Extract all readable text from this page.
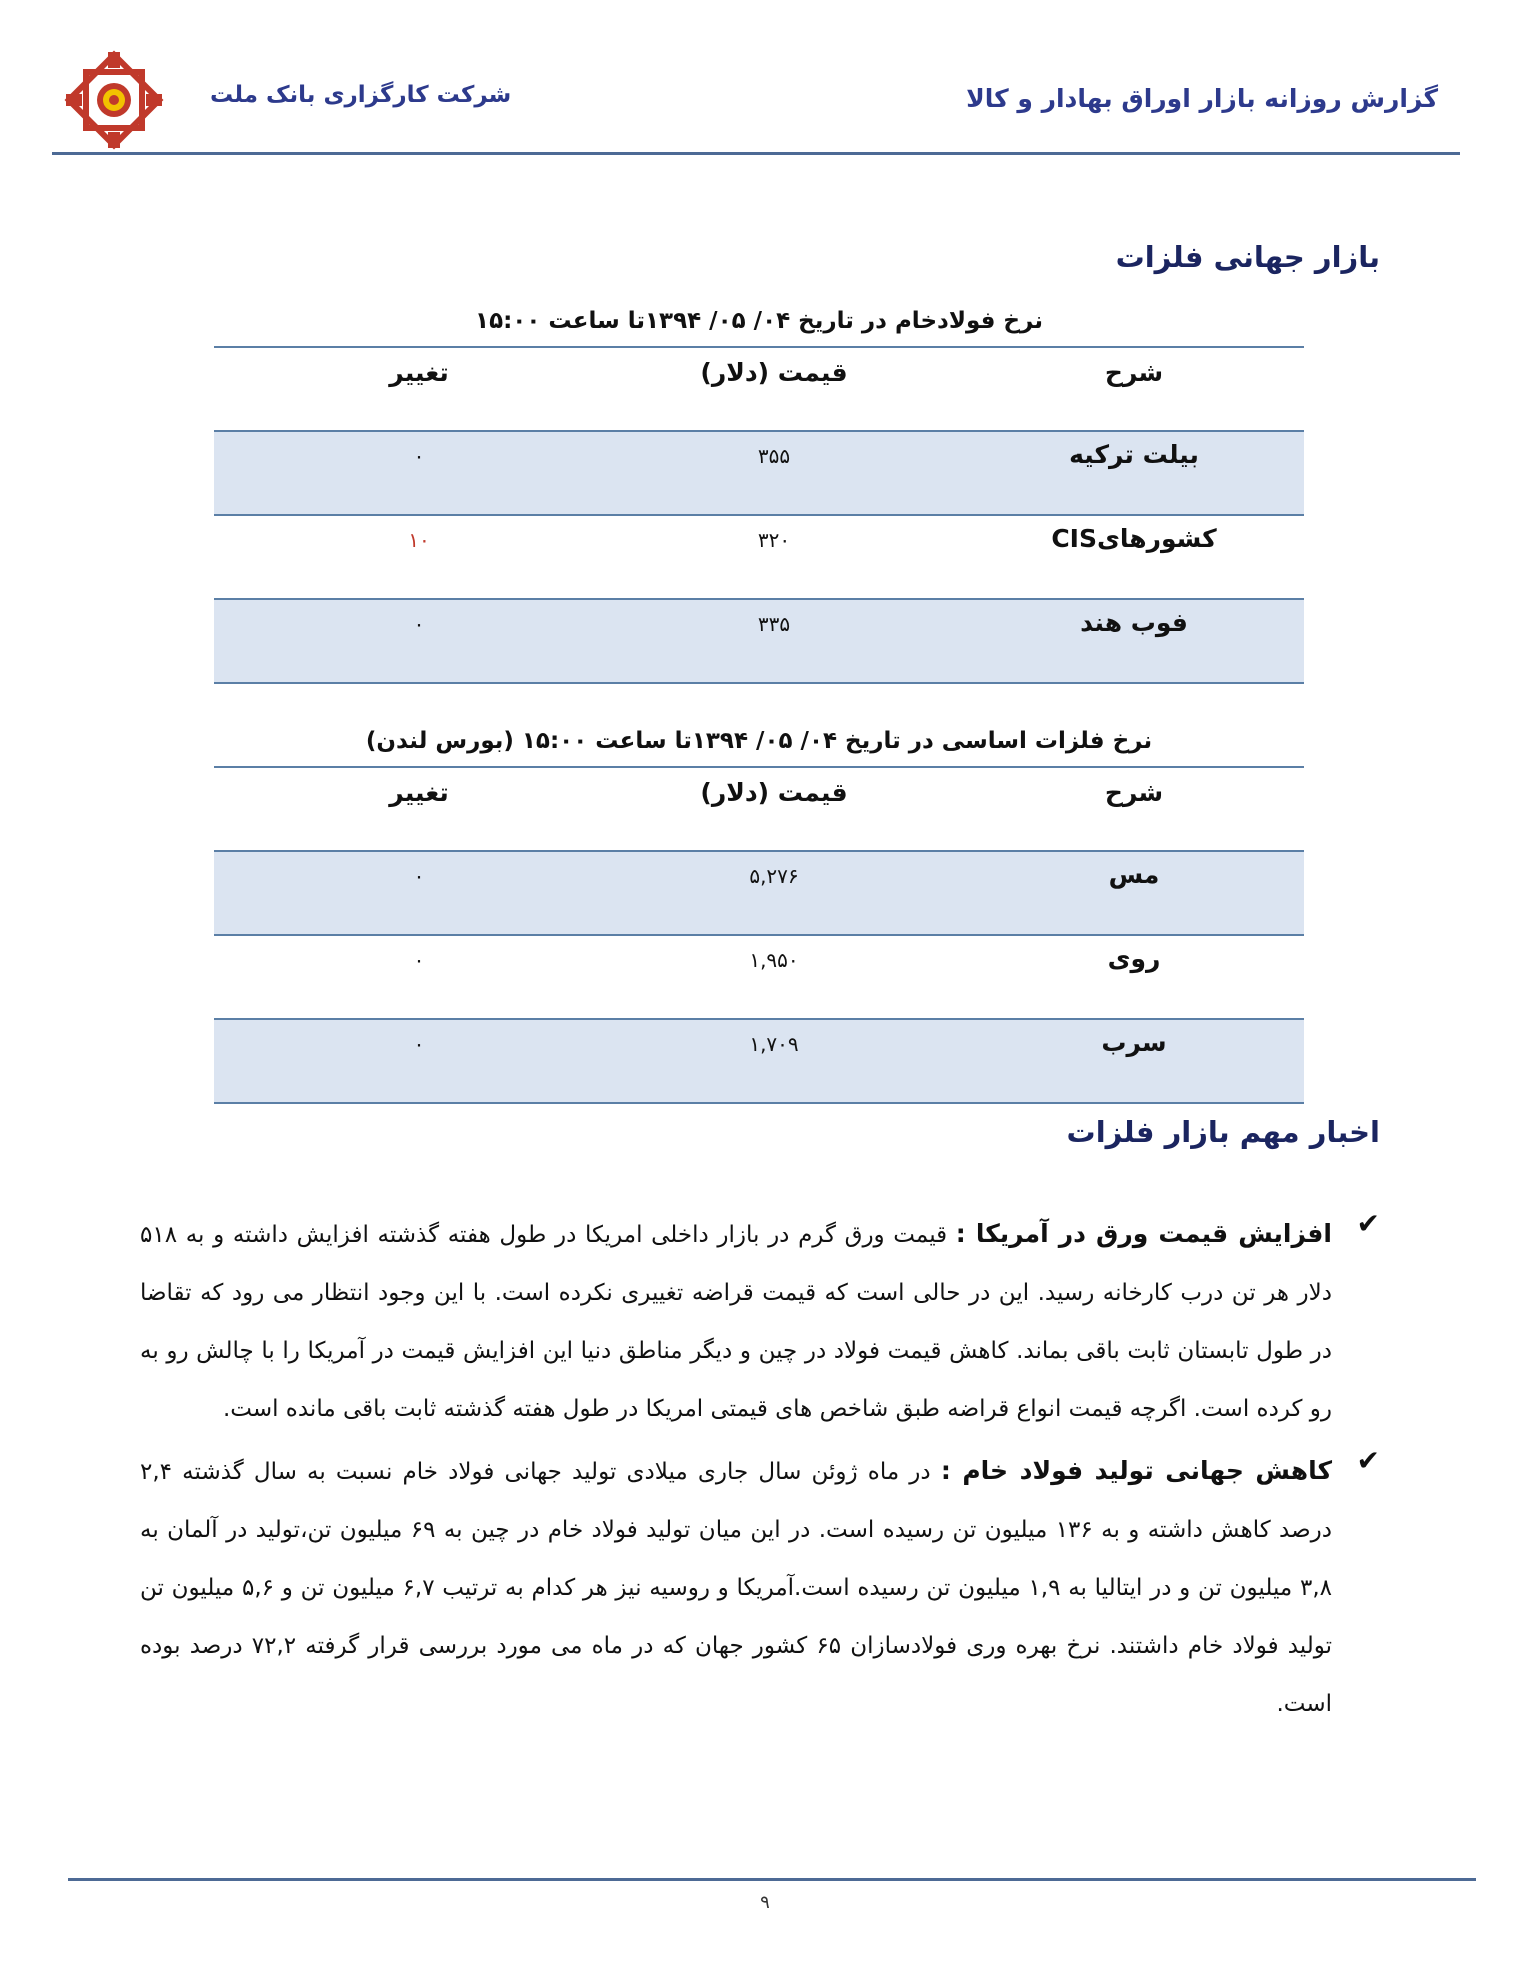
شرکت کارگزاری بانک ملت	گزارش روزانه بازار اوراق بهادار و کالا
بازار جهانی فلزات
نرخ فولادخام در تاریخ ۰۴/ ۰۵/ ۱۳۹۴تا ساعت ۱۵:۰۰
شرح
قیمت (دلار)
تغییر
بیلت ترکیه
۳۵۵
۰
کشورهایCIS
۳۲۰
۱۰
فوب هند
۳۳۵
۰
نرخ فلزات اساسی در تاریخ ۰۴/ ۰۵/ ۱۳۹۴تا ساعت ۱۵:۰۰ (بورس لندن)
شرح
قیمت (دلار)
تغییر
مس
۵,۲۷۶
۰
روی
۱,۹۵۰
۰
سرب
۱,۷۰۹
۰
اخبار مهم بازار فلزات
✔
افزایش قیمت ورق در آمریکا : قیمت ورق گرم در بازار داخلی امریکا در طول هفته گذشته افزایش داشته و به ۵۱۸ دلار هر تن درب کارخانه رسید. این در حالی است که قیمت قراضه تغییری نکرده است. با این وجود انتظار می رود که تقاضا در طول تابستان ثابت باقی بماند. کاهش قیمت فولاد در چین و دیگر مناطق دنیا این افزایش قیمت در آمریکا را با چالش رو به رو کرده است. اگرچه قیمت انواع قراضه طبق شاخص های قیمتی امریکا در طول هفته گذشته ثابت باقی مانده است.
✔
کاهش جهانی تولید فولاد خام : در ماه ژوئن سال جاری میلادی تولید جهانی فولاد خام نسبت به سال گذشته ۲,۴ درصد کاهش داشته و به ۱۳۶ میلیون تن رسیده است. در این میان تولید فولاد خام در چین به ۶۹ میلیون تن،تولید در آلمان به ۳,۸ میلیون تن و در ایتالیا به ۱,۹ میلیون تن رسیده است.آمریکا و روسیه نیز هر کدام به ترتیب ۶,۷ میلیون تن و ۵,۶ میلیون تن تولید فولاد خام داشتند. نرخ بهره وری فولادسازان ۶۵ کشور جهان که در ماه می مورد بررسی قرار گرفته ۷۲,۲ درصد بوده است.
۹
